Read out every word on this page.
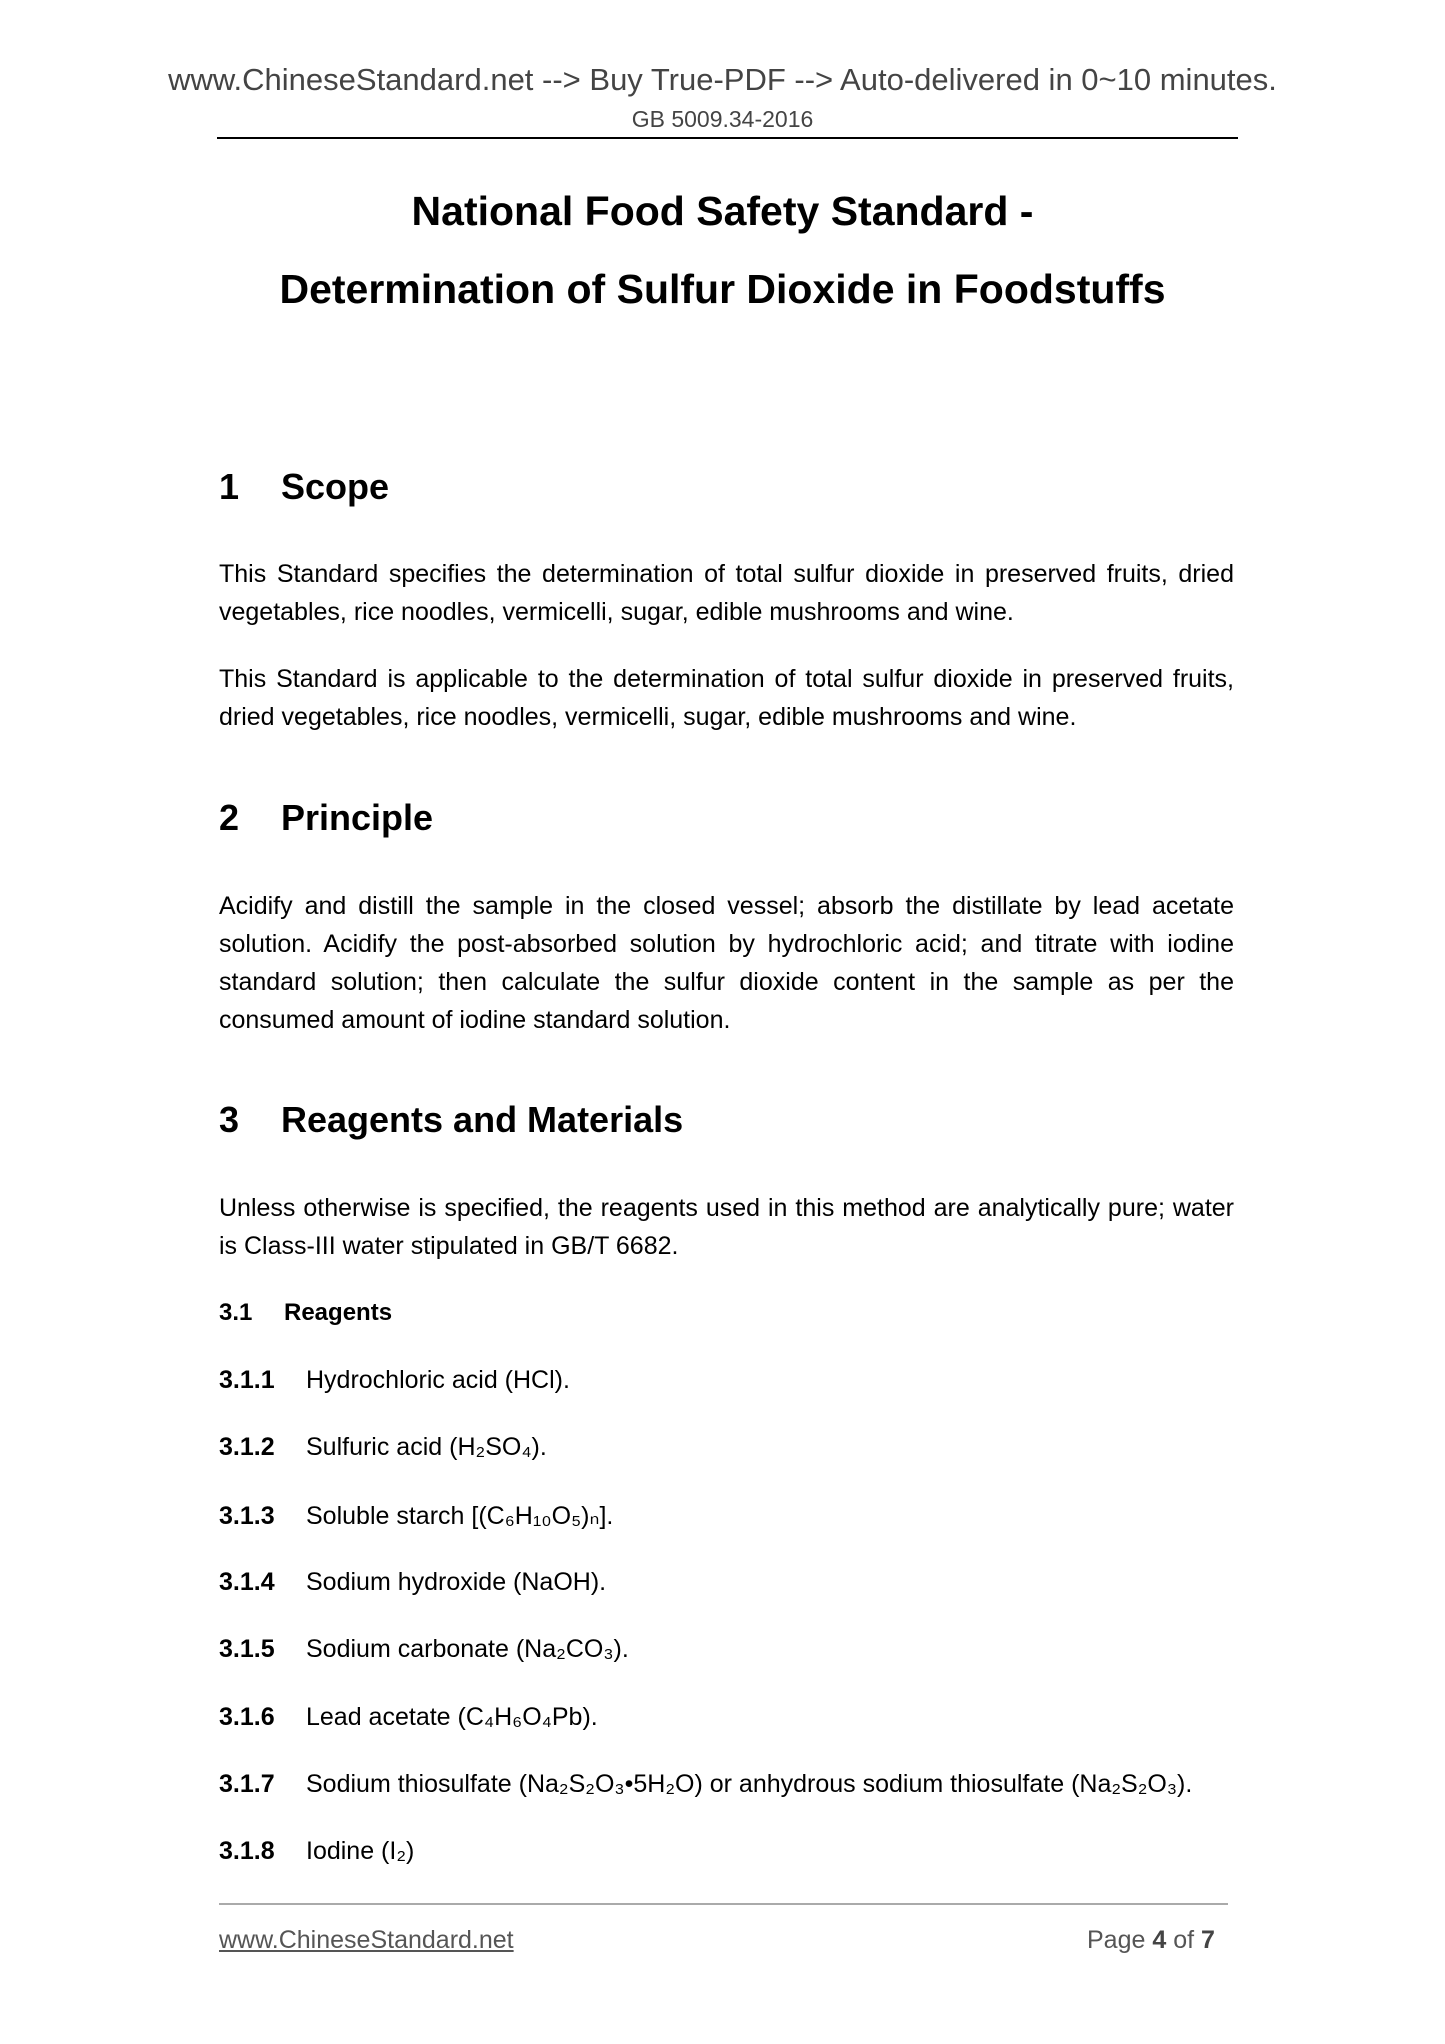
www.ChineseStandard.net --> Buy True-PDF --> Auto-delivered in 0~10 minutes.
GB 5009.34-2016
National Food Safety Standard -
Determination of Sulfur Dioxide in Foodstuffs
1 Scope
This Standard specifies the determination of total sulfur dioxide in preserved fruits, dried vegetables, rice noodles, vermicelli, sugar, edible mushrooms and wine.
This Standard is applicable to the determination of total sulfur dioxide in preserved fruits, dried vegetables, rice noodles, vermicelli, sugar, edible mushrooms and wine.
2 Principle
Acidify and distill the sample in the closed vessel; absorb the distillate by lead acetate solution. Acidify the post-absorbed solution by hydrochloric acid; and titrate with iodine standard solution; then calculate the sulfur dioxide content in the sample as per the consumed amount of iodine standard solution.
3 Reagents and Materials
Unless otherwise is specified, the reagents used in this method are analytically pure; water is Class-III water stipulated in GB/T 6682.
3.1 Reagents
3.1.1 Hydrochloric acid (HCl).
3.1.2 Sulfuric acid (H₂SO₄).
3.1.3 Soluble starch [(C₆H₁₀O₅)ₙ].
3.1.4 Sodium hydroxide (NaOH).
3.1.5 Sodium carbonate (Na₂CO₃).
3.1.6 Lead acetate (C₄H₆O₄Pb).
3.1.7 Sodium thiosulfate (Na₂S₂O₃•5H₂O) or anhydrous sodium thiosulfate (Na₂S₂O₃).
3.1.8 Iodine (I₂)
www.ChineseStandard.net	Page 4 of 7
